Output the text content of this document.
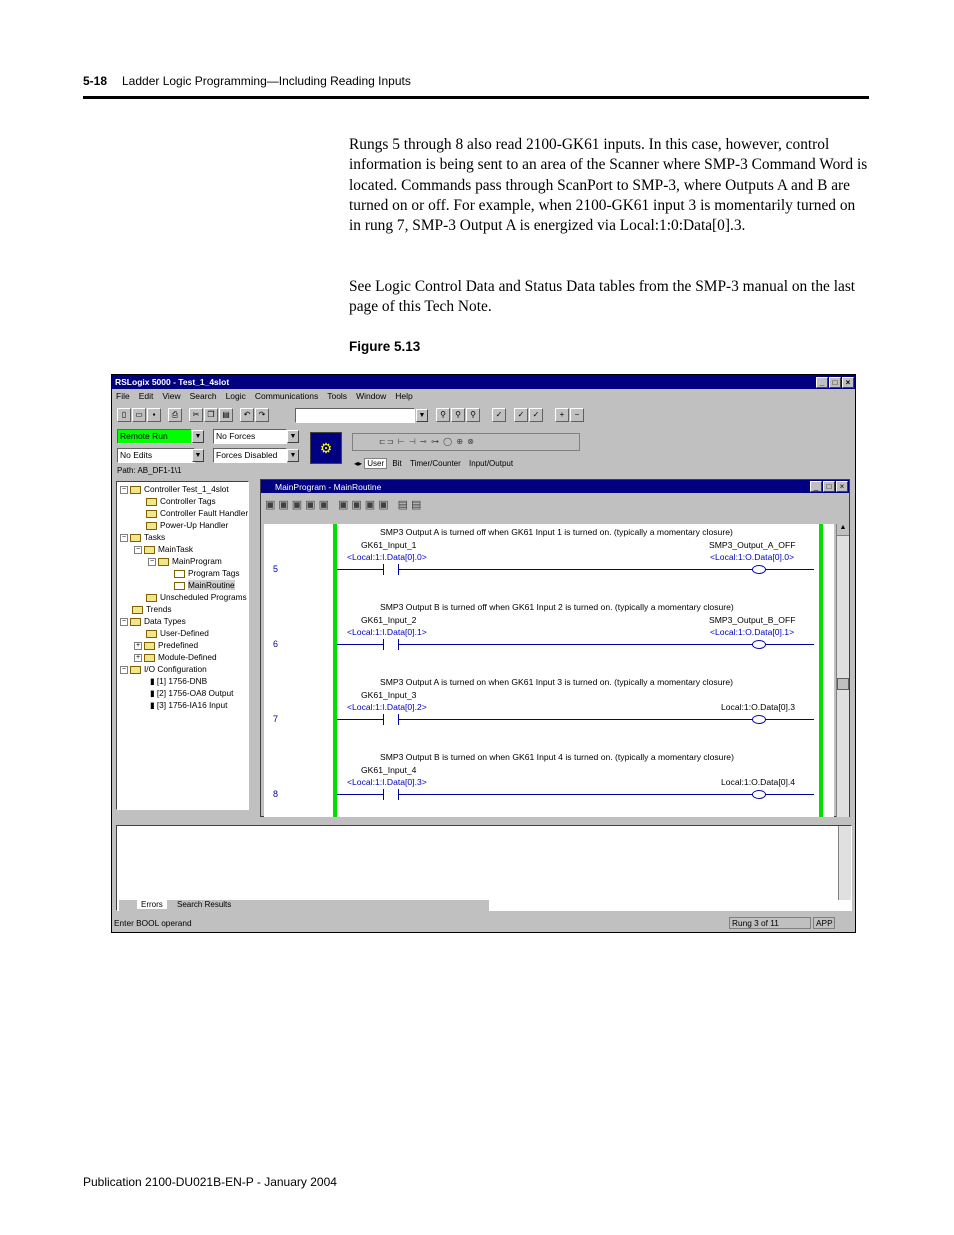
5-18 Ladder Logic Programming—Including Reading Inputs
Rungs 5 through 8 also read 2100-GK61 inputs. In this case, however, control information is being sent to an area of the Scanner where SMP-3 Command Word is located. Commands pass through ScanPort to SMP-3, where Outputs A and B are turned on or off. For example, when 2100-GK61 input 3 is momentarily turned on in rung 7, SMP-3 Output A is energized via Local:1:0:Data[0].3.
See Logic Control Data and Status Data tables from the SMP-3 manual on the last page of this Tech Note.
Figure 5.13
RSLogix 5000 - Test_1_4slot	_	□	×
File Edit View Search Logic Communications Tools Window Help
▯	▭	▪	⎙	✂	❐ ▤	↶	↷	▼	⚲	⚲	⚲	✓	✓	✓	+	−
Remote Run	▼
No Edits	▼
No Forces	▼
Forces Disabled	▼
Path: AB_DF1-1\1
⚙	⊏⊐ ⊢ ⊣ ⊸ ⊶ ◯ ⊕ ⊗
◂▸ User Bit Timer/Counter Input/Output
− Controller Test_1_4slot
Controller Tags
Controller Fault Handler
Power-Up Handler
− Tasks
− MainTask
− MainProgram
Program Tags
MainRoutine
Unscheduled Programs
Trends
− Data Types
User-Defined
+ Predefined
+ Module-Defined
− I/O Configuration
▮ [1] 1756-DNB
▮ [2] 1756-OA8 Output
▮ [3] 1756-IA16 Input
MainProgram - MainRoutine	_	□	×
▣▣▣▣▣ ▣▣▣▣ ▤▤
SMP3 Output A is turned off when GK61 Input 1 is turned on. (typically a momentary closure)
GK61_Input_1	SMP3_Output_A_OFF
<Local:1:I.Data[0].0>	<Local:1:O.Data[0].0>
5
SMP3 Output B is turned off when GK61 Input 2 is turned on. (typically a momentary closure)
GK61_Input_2	SMP3_Output_B_OFF
<Local:1:I.Data[0].1>	<Local:1:O.Data[0].1>
6
SMP3 Output A is turned on when GK61 Input 3 is turned on. (typically a momentary closure)
GK61_Input_3
<Local:1:I.Data[0].2>	Local:1:O.Data[0].3
7
SMP3 Output B is turned on when GK61 Input 4 is turned on. (typically a momentary closure)
GK61_Input_4
<Local:1:I.Data[0].3>	Local:1:O.Data[0].4
8
▲
Errors Search Results
Enter BOOL operand	Rung 3 of 11	APP
Publication 2100-DU021B-EN-P - January 2004
